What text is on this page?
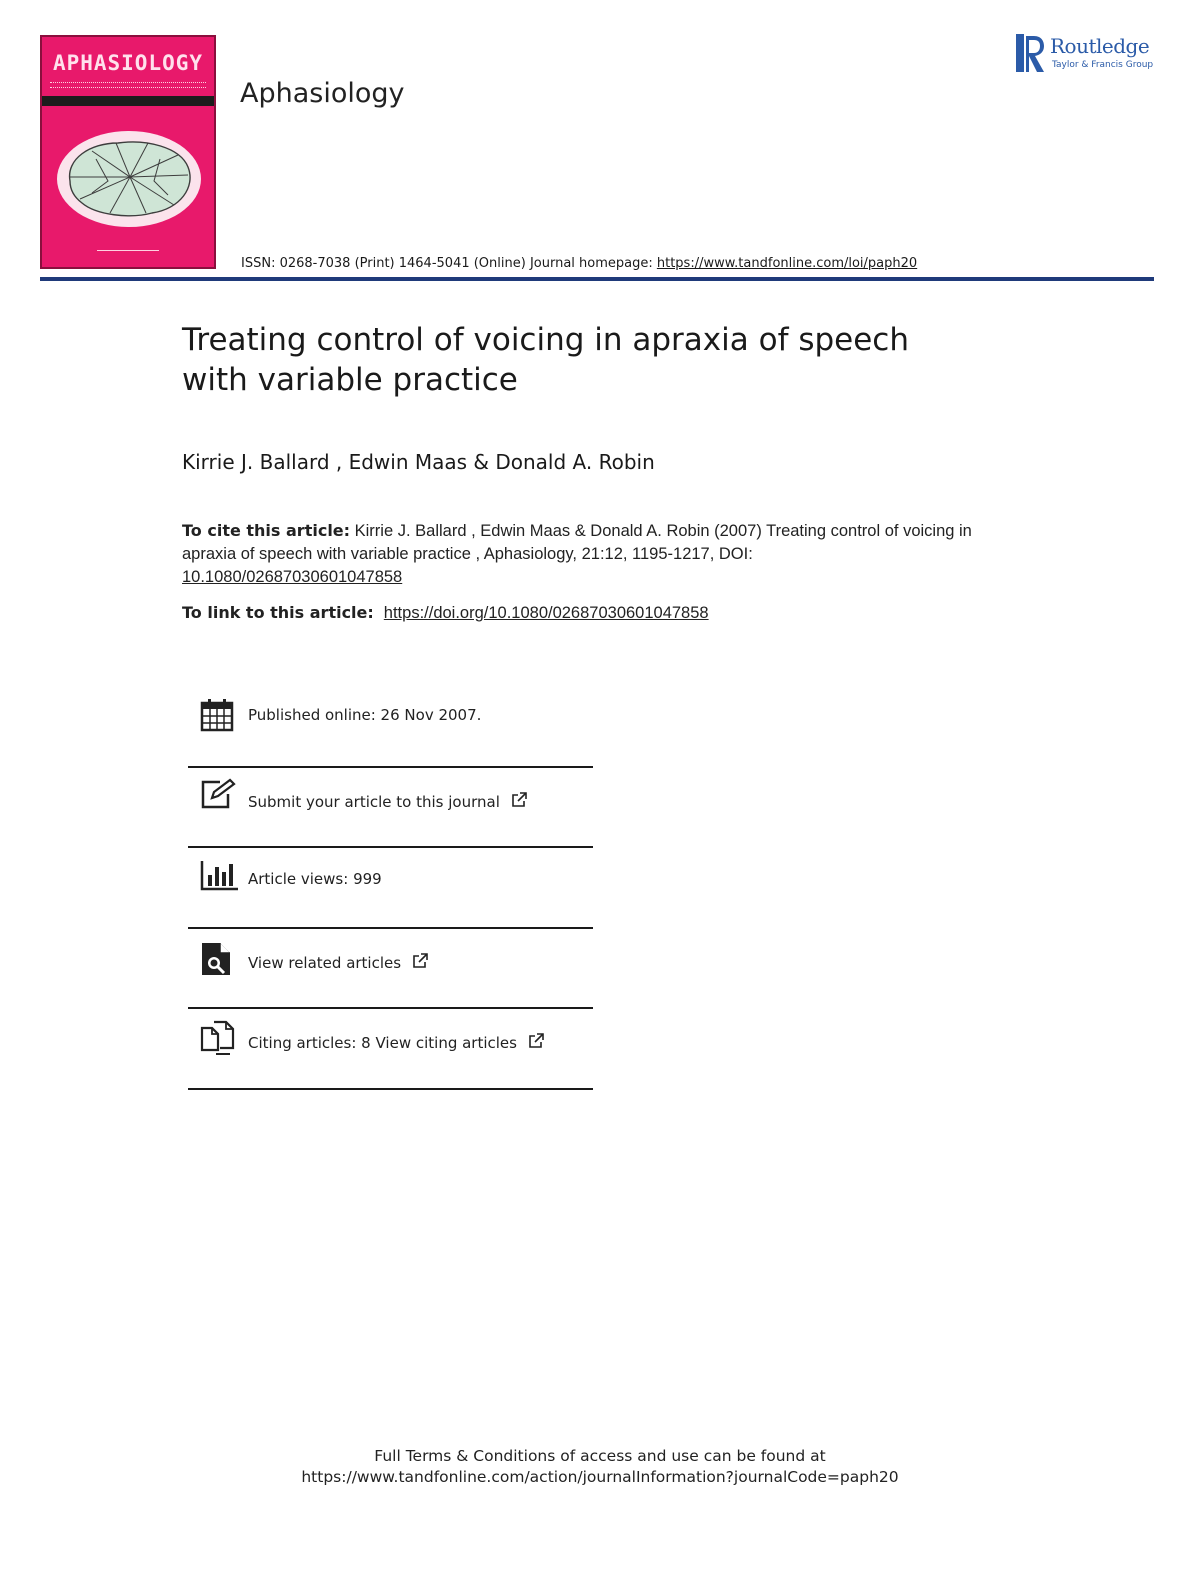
APHASIOLOGY
Aphasiology
Routledge
Taylor & Francis Group
ISSN: 0268-7038 (Print) 1464-5041 (Online) Journal homepage: https://www.tandfonline.com/loi/paph20
Treating control of voicing in apraxia of speech with variable practice
Kirrie J. Ballard , Edwin Maas & Donald A. Robin
To cite this article: Kirrie J. Ballard , Edwin Maas & Donald A. Robin (2007) Treating control of voicing in apraxia of speech with variable practice , Aphasiology, 21:12, 1195-1217, DOI: 10.1080/02687030601047858
To link to this article: https://doi.org/10.1080/02687030601047858
Published online: 26 Nov 2007.
Submit your article to this journal
Article views: 999
View related articles
Citing articles: 8 View citing articles
Full Terms & Conditions of access and use can be found at
https://www.tandfonline.com/action/journalInformation?journalCode=paph20
